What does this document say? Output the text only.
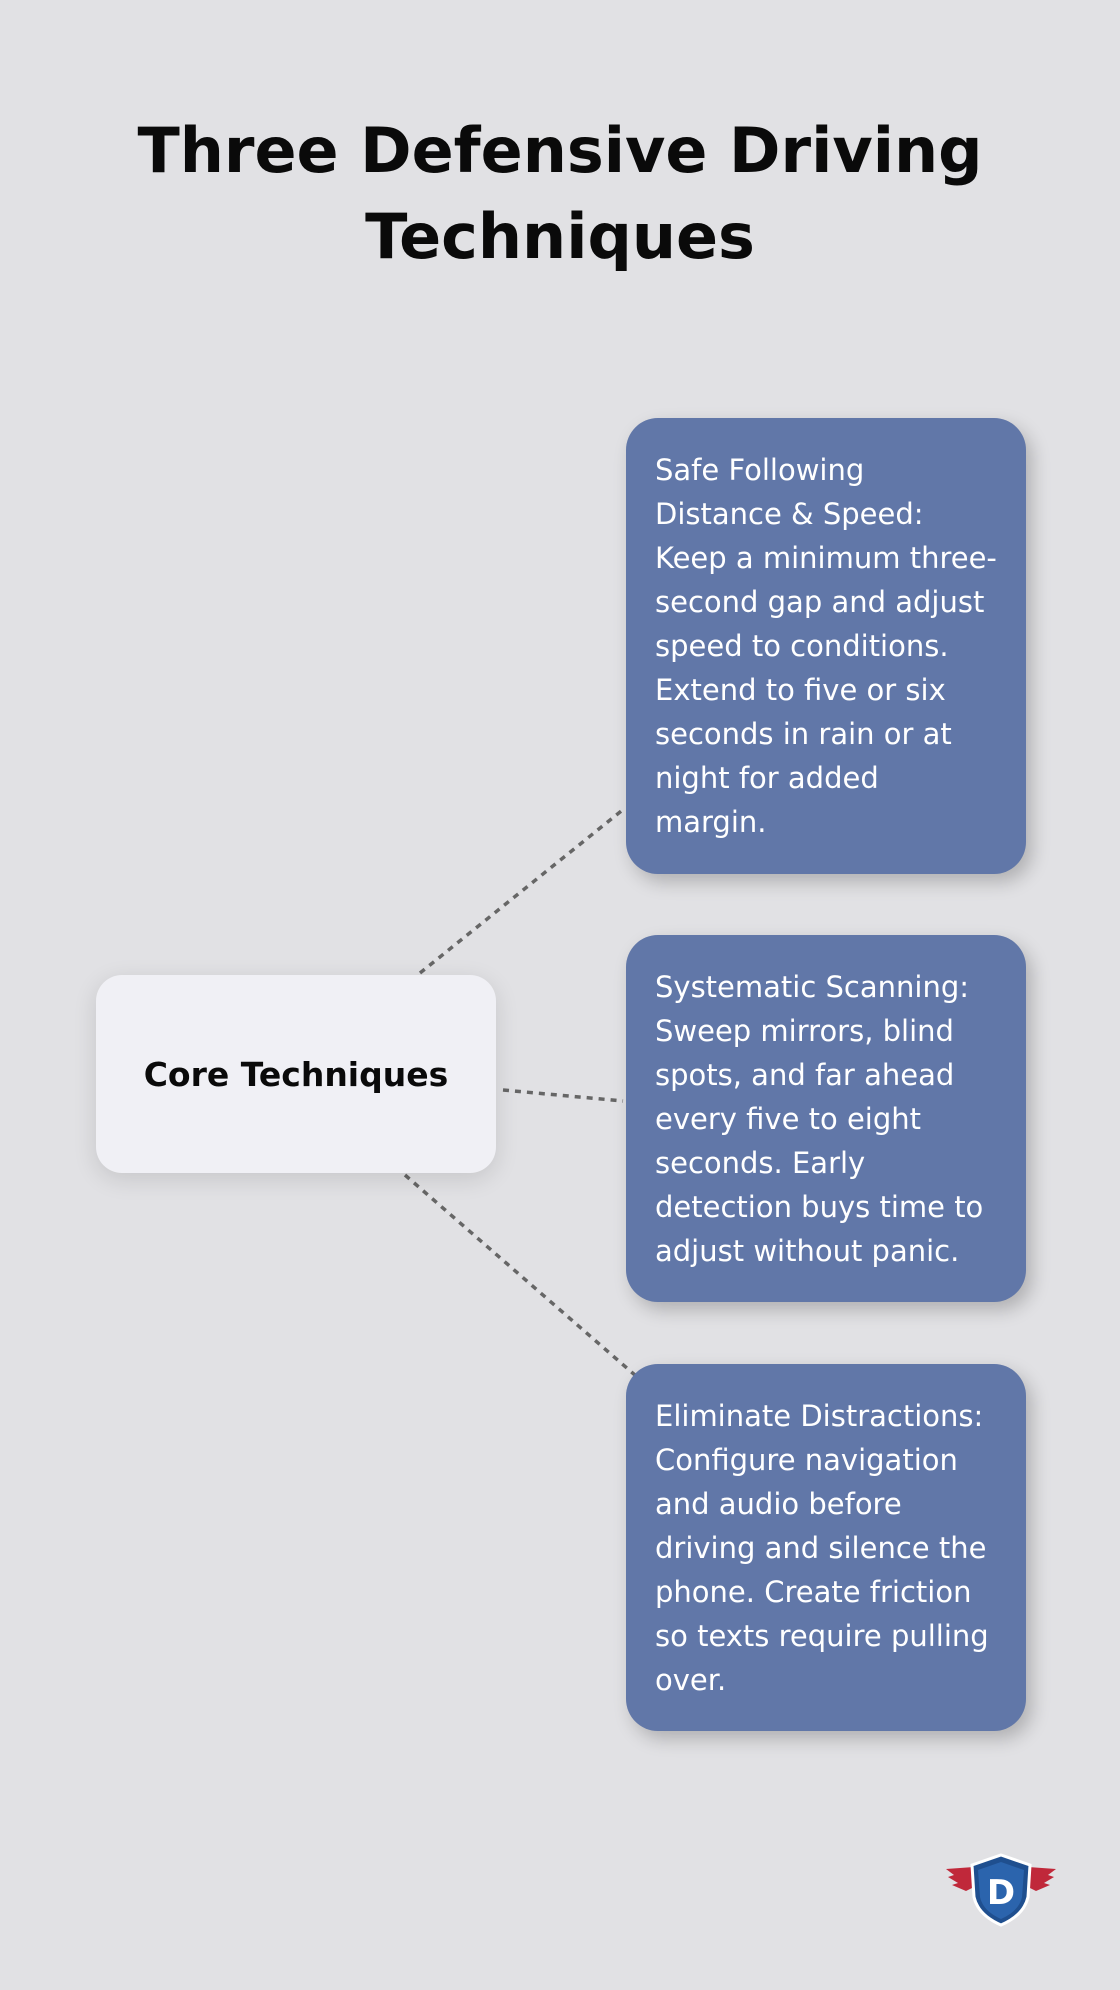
Three Defensive Driving Techniques
Core Techniques
Safe Following Distance & Speed: Keep a minimum three-second gap and adjust speed to conditions. Extend to five or six seconds in rain or at night for added margin.
Systematic Scanning: Sweep mirrors, blind spots, and far ahead every five to eight seconds. Early detection buys time to adjust without panic.
Eliminate Distractions: Configure navigation and audio before driving and silence the phone. Create friction so texts require pulling over.
D
